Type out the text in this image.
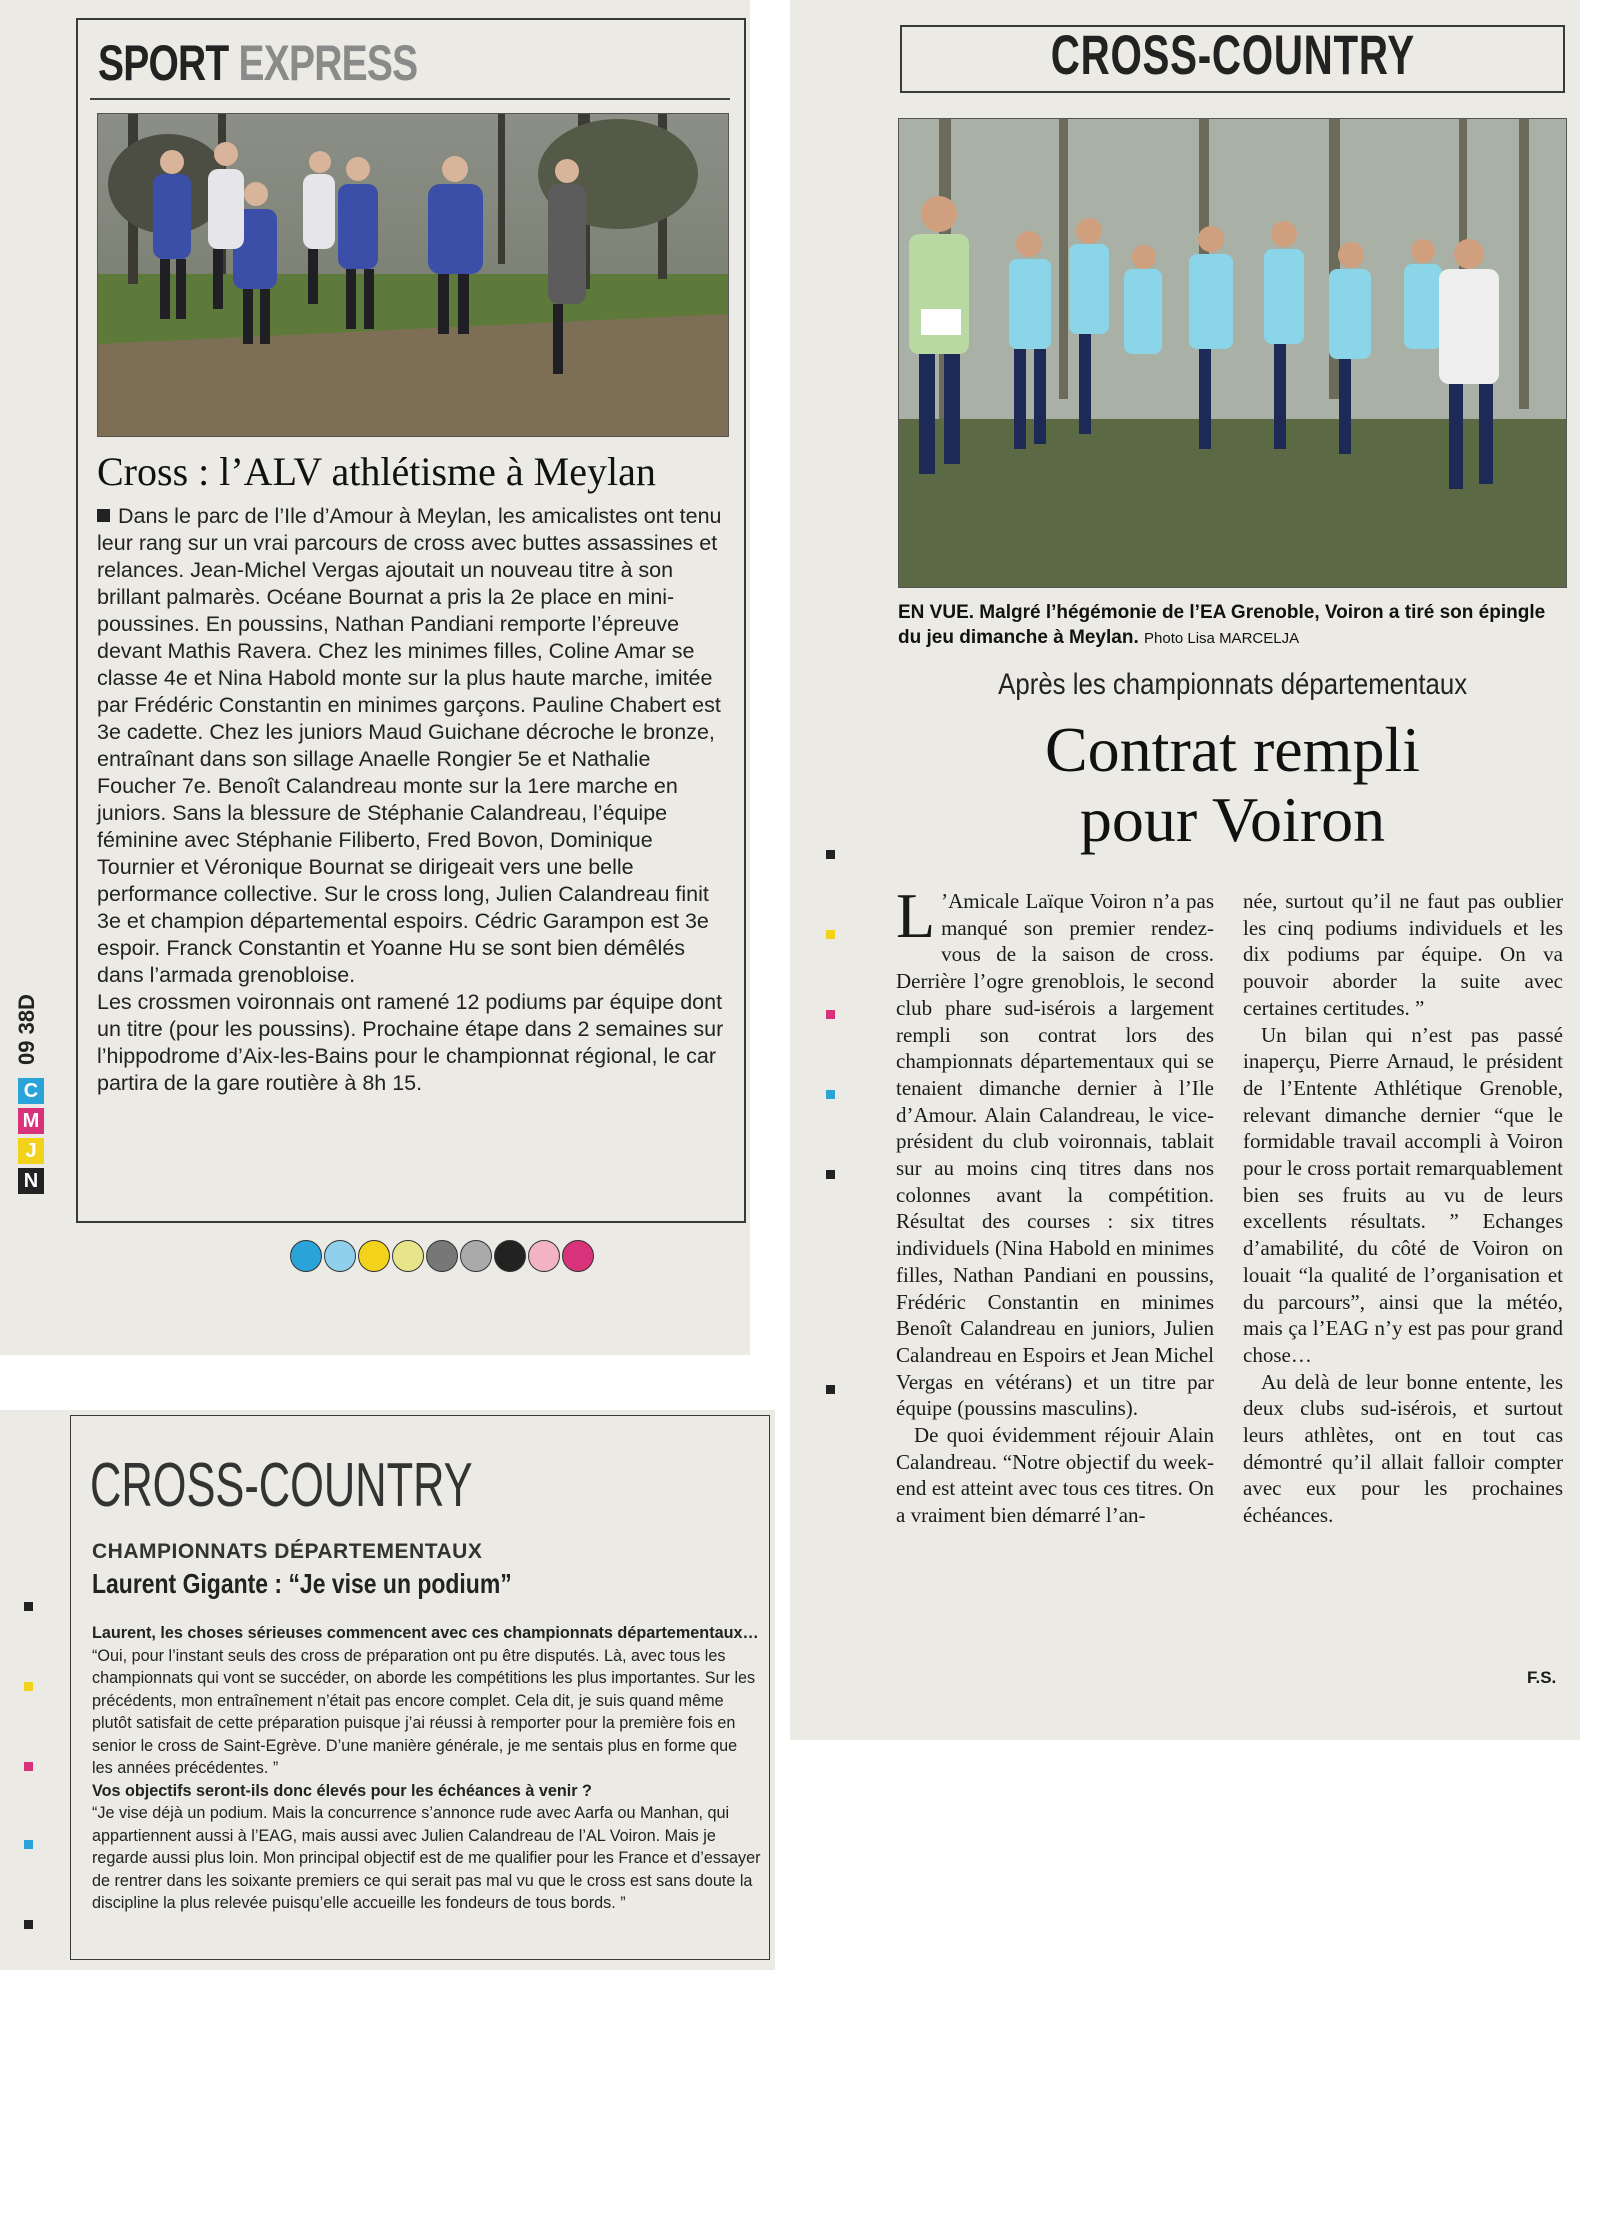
SPORT EXPRESS
Cross : l’ALV athlétisme à Meylan

Dans le parc de l’Ile d’Amour à Meylan, les amicalistes ont tenu leur rang sur un vrai parcours de cross avec buttes assassines et relances. Jean-Michel Vergas ajoutait un nouveau titre à son brillant palmarès. Océane Bournat a pris la 2e place en mini-poussines. En poussins, Nathan Pandiani remporte l’épreuve devant Mathis Ravera. Chez les minimes filles, Coline Amar se classe 4e et Nina Habold monte sur la plus haute marche, imitée par Frédéric Constantin en minimes garçons. Pauline Chabert est 3e cadette. Chez les juniors Maud Guichane décroche le bronze, entraînant dans son sillage Anaelle Rongier 5e et Nathalie Foucher 7e. Benoît Calandreau monte sur la 1ere marche en juniors. Sans la blessure de Stéphanie Calandreau, l’équipe féminine avec Stéphanie Filiberto, Fred Bovon, Dominique Tournier et Véronique Bournat se dirigeait vers une belle performance collective. Sur le cross long, Julien Calandreau finit 3e et champion départemental espoirs. Cédric Garampon est 3e espoir. Franck Constantin et Yoanne Hu se sont bien démêlés dans l’armada grenobloise.

Les crossmen voironnais ont ramené 12 podiums par équipe dont un titre (pour les poussins). Prochaine étape dans 2 semaines sur l’hippodrome d’Aix-les-Bains pour le championnat régional, le car partira de la gare routière à 8h 15.

09 38D
C
M
J
N
CROSS-COUNTRY
EN VUE. Malgré l’hégémonie de l’EA Grenoble, Voiron a tiré son épingle du jeu dimanche à Meylan. Photo Lisa MARCELJA
Après les championnats départementaux
Contrat rempli
pour Voiron

L ’Amicale Laïque Voiron n’a pas manqué son premier rendez-vous de la saison de cross. Derrière l’ogre grenoblois, le second club phare sud-isérois a largement rempli son contrat lors des championnats départementaux qui se tenaient dimanche dernier à l’Ile d’Amour. Alain Calandreau, le vice-président du club voironnais, tablait sur au moins cinq titres dans nos colonnes avant la compétition. Résultat des courses : six titres individuels (Nina Habold en minimes filles, Nathan Pandiani en poussins, Frédéric Constantin en minimes Benoît Calandreau en juniors, Julien Calandreau en Espoirs et Jean Michel Vergas en vétérans) et un titre par équipe (poussins masculins).

De quoi évidemment réjouir Alain Calandreau. “Notre objectif du week-end est atteint avec tous ces titres. On a vraiment bien démarré l’an-

née, surtout qu’il ne faut pas oublier les cinq podiums individuels et les dix podiums par équipe. On va pouvoir aborder la suite avec certaines certitudes. ”

Un bilan qui n’est pas passé inaperçu, Pierre Arnaud, le président de l’Entente Athlétique Grenoble, relevant dimanche dernier “que le formidable travail accompli à Voiron pour le cross portait remarquablement bien ses fruits au vu de leurs excellents résultats. ” Echanges d’amabilité, du côté de Voiron on louait “la qualité de l’organisation et du parcours”, ainsi que la météo, mais ça l’EAG n’y est pas pour grand chose…

Au delà de leur bonne entente, les deux clubs sud-isérois, et surtout leurs athlètes, ont en tout cas démontré qu’il allait falloir compter avec eux pour les prochaines échéances.

F.S.
CROSS-COUNTRY
CHAMPIONNATS DÉPARTEMENTAUX
Laurent Gigante : “Je vise un podium”

Laurent, les choses sérieuses commencent avec ces championnats départementaux…

“Oui, pour l’instant seuls des cross de préparation ont pu être disputés. Là, avec tous les championnats qui vont se succéder, on aborde les compétitions les plus importantes. Sur les précédents, mon entraînement n’était pas encore complet. Cela dit, je suis quand même plutôt satisfait de cette préparation puisque j’ai réussi à remporter pour la première fois en senior le cross de Saint-Egrève. D’une manière générale, je me sentais plus en forme que les années précédentes. ”

Vos objectifs seront-ils donc élevés pour les échéances à venir ?

“Je vise déjà un podium. Mais la concurrence s’annonce rude avec Aarfa ou Manhan, qui appartiennent aussi à l’EAG, mais aussi avec Julien Calandreau de l’AL Voiron. Mais je regarde aussi plus loin. Mon principal objectif est de me qualifier pour les France et d’essayer de rentrer dans les soixante premiers ce qui serait pas mal vu que le cross est sans doute la discipline la plus relevée puisqu’elle accueille les fondeurs de tous bords. ”
